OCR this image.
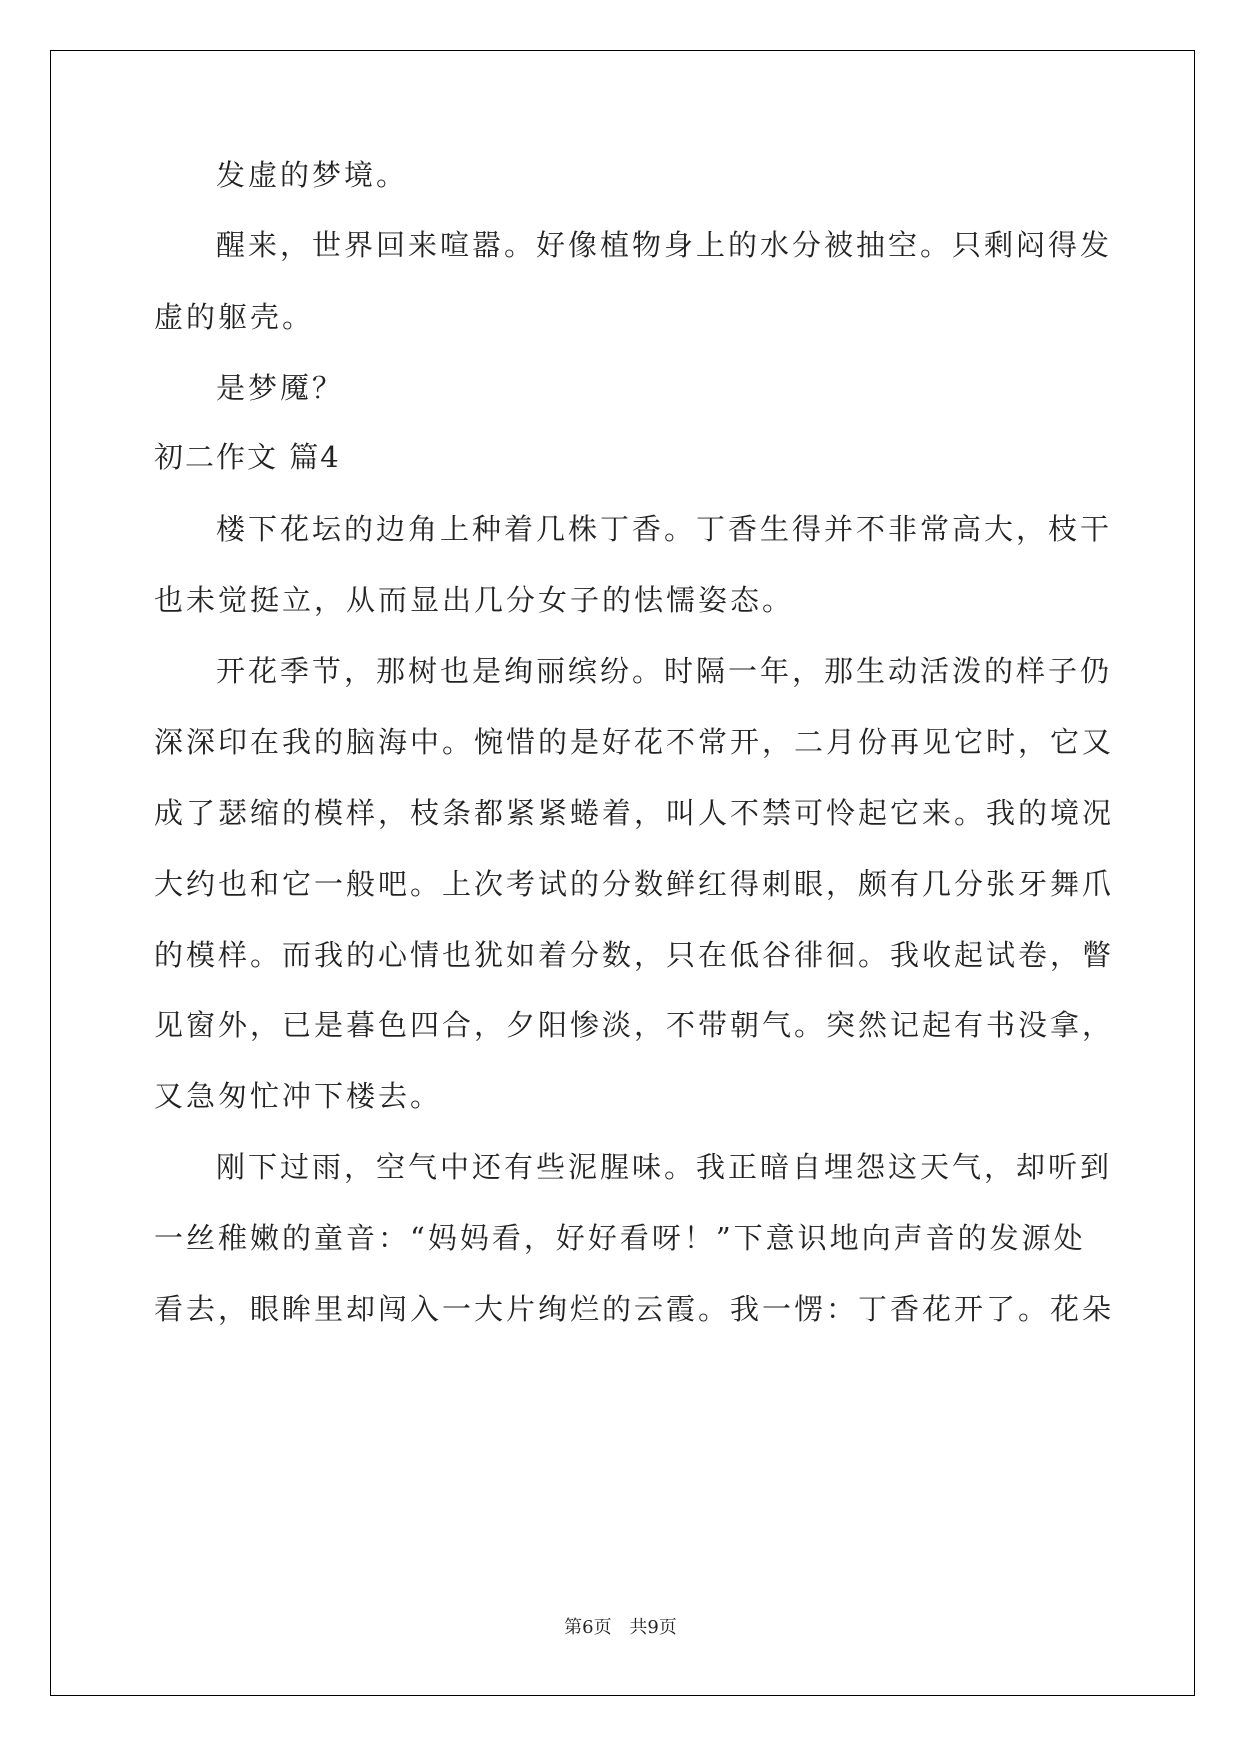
发虚的梦境。
醒来，世界回来喧嚣。好像植物身上的水分被抽空。只剩闷得发
虚的躯壳。
是梦魇？
初二作文 篇4
楼下花坛的边角上种着几株丁香。丁香生得并不非常高大，枝干
也未觉挺立，从而显出几分女子的怯懦姿态。
开花季节，那树也是绚丽缤纷。时隔一年，那生动活泼的样子仍
深深印在我的脑海中。惋惜的是好花不常开，二月份再见它时，它又
成了瑟缩的模样，枝条都紧紧蜷着，叫人不禁可怜起它来。我的境况
大约也和它一般吧。上次考试的分数鲜红得刺眼，颇有几分张牙舞爪
的模样。而我的心情也犹如着分数，只在低谷徘徊。我收起试卷，瞥
见窗外，已是暮色四合，夕阳惨淡，不带朝气。突然记起有书没拿，
又急匆忙冲下楼去。
刚下过雨，空气中还有些泥腥味。我正暗自埋怨这天气，却听到
一丝稚嫩的童音：“妈妈看，好好看呀！”下意识地向声音的发源处
看去，眼眸里却闯入一大片绚烂的云霞。我一愣：丁香花开了。花朵
第6页 共9页
